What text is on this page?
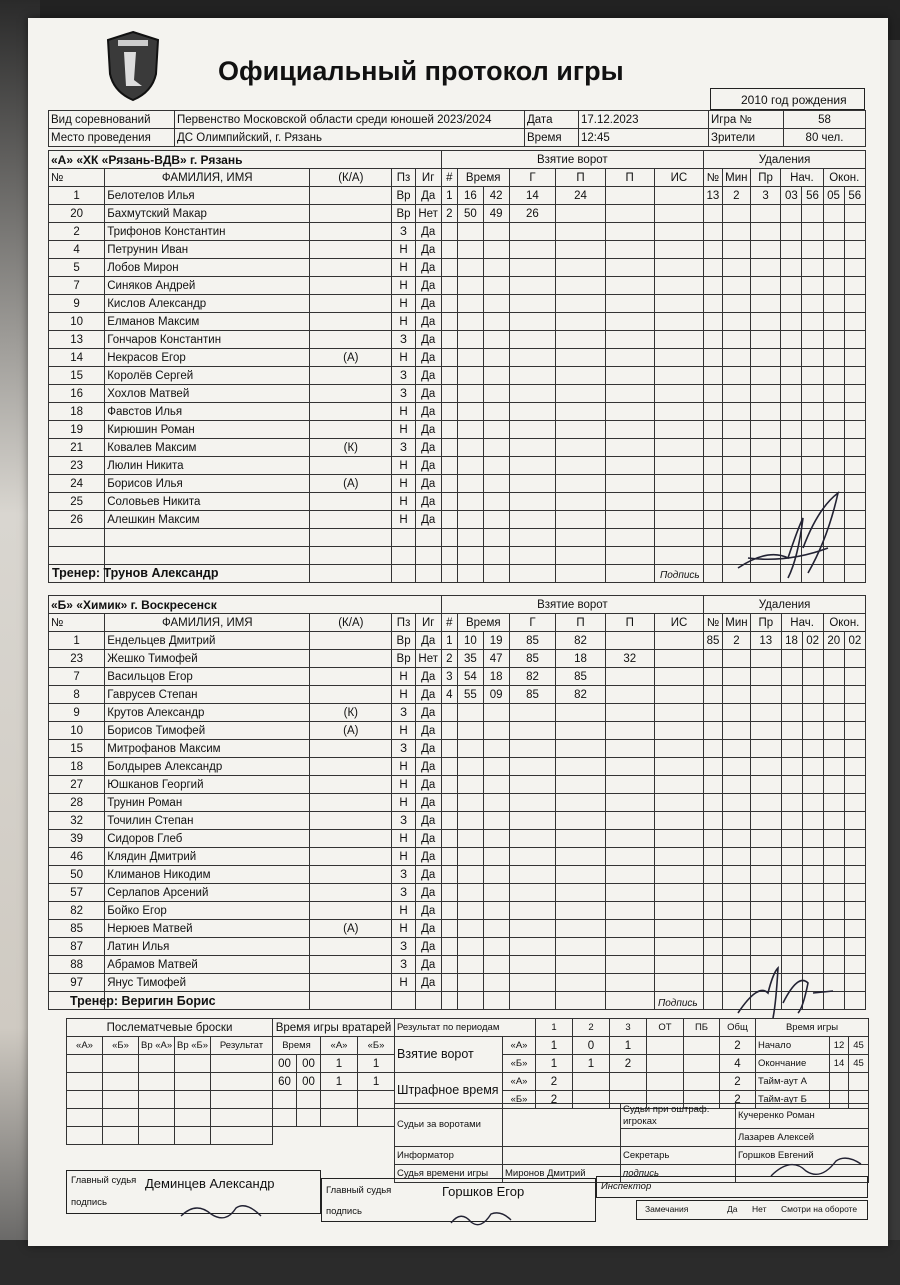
Официальный протокол игры
2010 год рождения
Вид соревнований	Первенство Московской области среди юношей 2023/2024	Дата	17.12.2023	Игра №	58
Место проведения	ДС Олимпийский, г. Рязань	Время	12:45	Зрители	80 чел.
«А» «ХК «Рязань-ВДВ» г. Рязань					Взятие ворот							Удаления						
№	ФАМИЛИЯ, ИМЯ	(К/А)	Пз	Иг	#	Время		Г	П	П	ИС	№	Мин	Пр	Нач.		Окон.	
1	Белотелов Илья		Вр	Да	1	16	42	14	24			13	2	3	03	56	05	56
20	Бахмутский Макар		Вр	Нет	2	50	49	26										
2	Трифонов Константин		З	Да														
4	Петрунин Иван		Н	Да														
5	Лобов Мирон		Н	Да														
7	Синяков Андрей		Н	Да														
9	Кислов Александр		Н	Да														
10	Елманов Максим		Н	Да														
13	Гончаров Константин		З	Да														
14	Некрасов Егор	(А)	Н	Да														
15	Королёв Сергей		З	Да														
16	Хохлов Матвей		З	Да														
18	Фавстов Илья		Н	Да														
19	Кирюшин Роман		Н	Да														
21	Ковалев Максим	(К)	З	Да														
23	Люлин Никита		Н	Да														
24	Борисов Илья	(А)	Н	Да														
25	Соловьев Никита		Н	Да														
26	Алешкин Максим		Н	Да														

Тренер: Трунов Александр	Подпись
«Б» «Химик» г. Воскресенск					Взятие ворот							Удаления						
№	ФАМИЛИЯ, ИМЯ	(К/А)	Пз	Иг	#	Время		Г	П	П	ИС	№	Мин	Пр	Нач.		Окон.	
1	Ендельцев Дмитрий		Вр	Да	1	10	19	85	82			85	2	13	18	02	20	02
23	Жешко Тимофей		Вр	Нет	2	35	47	85	18	32								
7	Васильцов Егор		Н	Да	3	54	18	82	85									
8	Гаврусев Степан		Н	Да	4	55	09	85	82									
9	Крутов Александр	(К)	З	Да														
10	Борисов Тимофей	(А)	Н	Да														
15	Митрофанов Максим		З	Да														
18	Болдырев Александр		Н	Да														
27	Юшканов Георгий		Н	Да														
28	Трунин Роман		Н	Да														
32	Точилин Степан		З	Да														
39	Сидоров Глеб		Н	Да														
46	Клядин Дмитрий		Н	Да														
50	Климанов Никодим		З	Да														
57	Серлапов Арсений		З	Да														
82	Бойко Егор		Н	Да														
85	Нерюев Матвей	(А)	Н	Да														
87	Латин Илья		З	Да														
88	Абрамов Матвей		З	Да														
97	Янус Тимофей		Н	Да														

Тренер: Веригин Борис	Подпись
Послематчевые броски				
«А»	«Б»	Вр «А»	Вр «Б»	Результат

Время игры вратарей			
Время		«А»	«Б»
00	00	1	1
60	00	1	1

Результат по периодам		1	2	3	ОТ	ПБ	Общ	Время игры		
Взятие ворот	«А»	1	0	1			2	Начало	12	45
	«Б»	1	1	2			4	Окончание	14	45
Штрафное время	«А»	2					2	Тайм-аут А		
	«Б»	2					2	Тайм-аут Б		
Судьи за воротами		Судьи при оштраф. игроках	Кучеренко Роман
			Лазарев Алексей
Информатор		Секретарь	Горшков Евгений
Судья времени игры	Миронов Дмитрий	подпись	
Главный судья Деминцев Александр
подпись
Главный судья	Горшков Егор
подпись
Инспектор
Замечания	Да Нет Смотри на обороте
